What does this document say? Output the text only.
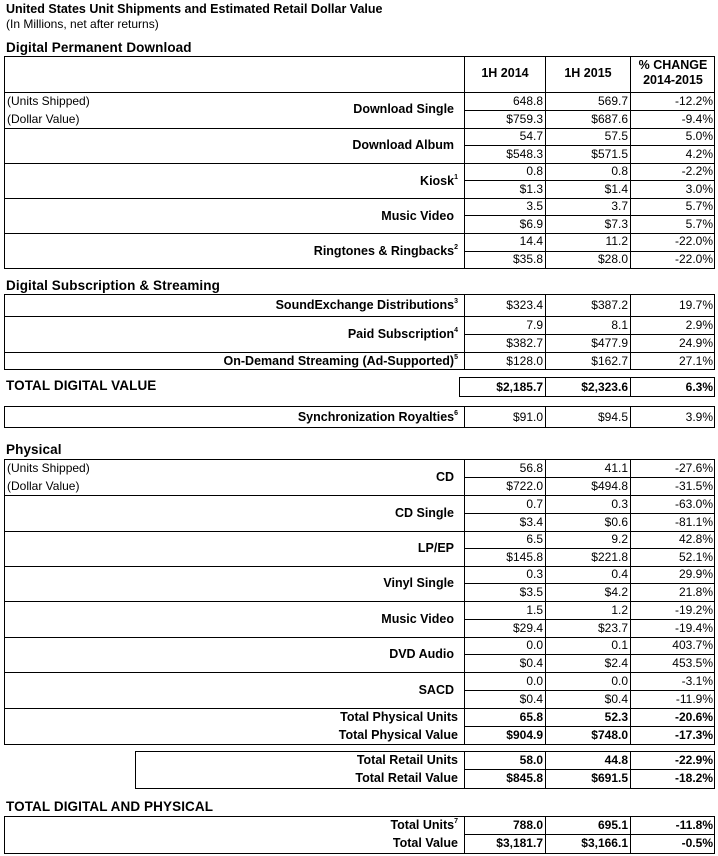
United States Unit Shipments and Estimated Retail Dollar Value
(In Millions, net after returns)
Digital Permanent Download
1H 2014	1H 2015
% CHANGE
2014-2015
(Units Shipped)
(Dollar Value)
Download Single
648.8	569.7	-12.2%
$759.3	$687.6	-9.4%
Download Album
54.7	57.5	5.0%
$548.3	$571.5	4.2%
Kiosk$^1$	0.8	0.8	-2.2%
$1.3	$1.4	3.0%
Music Video
3.5	3.7	5.7%
$6.9	$7.3	5.7%
Ringtones & Ringbacks$^2$	14.4	11.2	-22.0%
$35.8	$28.0	-22.0%
Digital Subscription & Streaming
SoundExchange Distributions$^3$	$323.4	$387.2	19.7%
Paid Subscription$^4$	7.9	8.1	2.9%
$382.7	$477.9	24.9%
On-Demand Streaming (Ad-Supported)$^5$	$128.0	$162.7	27.1%
TOTAL DIGITAL VALUE	$2,185.7	$2,323.6	6.3%
Synchronization Royalties$^6$	$91.0	$94.5	3.9%
Physical
(Units Shipped)
(Dollar Value)
CD
56.8	41.1	-27.6%
$722.0	$494.8	-31.5%
CD Single
0.7	0.3	-63.0%
$3.4	$0.6	-81.1%
LP/EP
6.5	9.2	42.8%
$145.8	$221.8	52.1%
Vinyl Single
0.3	0.4	29.9%
$3.5	$4.2	21.8%
Music Video
1.5	1.2	-19.2%
$29.4	$23.7	-19.4%
DVD Audio
0.0	0.1	403.7%
$0.4	$2.4	453.5%
SACD
0.0	0.0	-3.1%
$0.4	$0.4	-11.9%
Total Physical Units	65.8	52.3	-20.6%
Total Physical Value	$904.9	$748.0	-17.3%
Total Retail Units	58.0	44.8	-22.9%
Total Retail Value	$845.8	$691.5	-18.2%
TOTAL DIGITAL AND PHYSICAL
Total Units$^7$	788.0	695.1	-11.8%
Total Value	$3,181.7	$3,166.1	-0.5%
